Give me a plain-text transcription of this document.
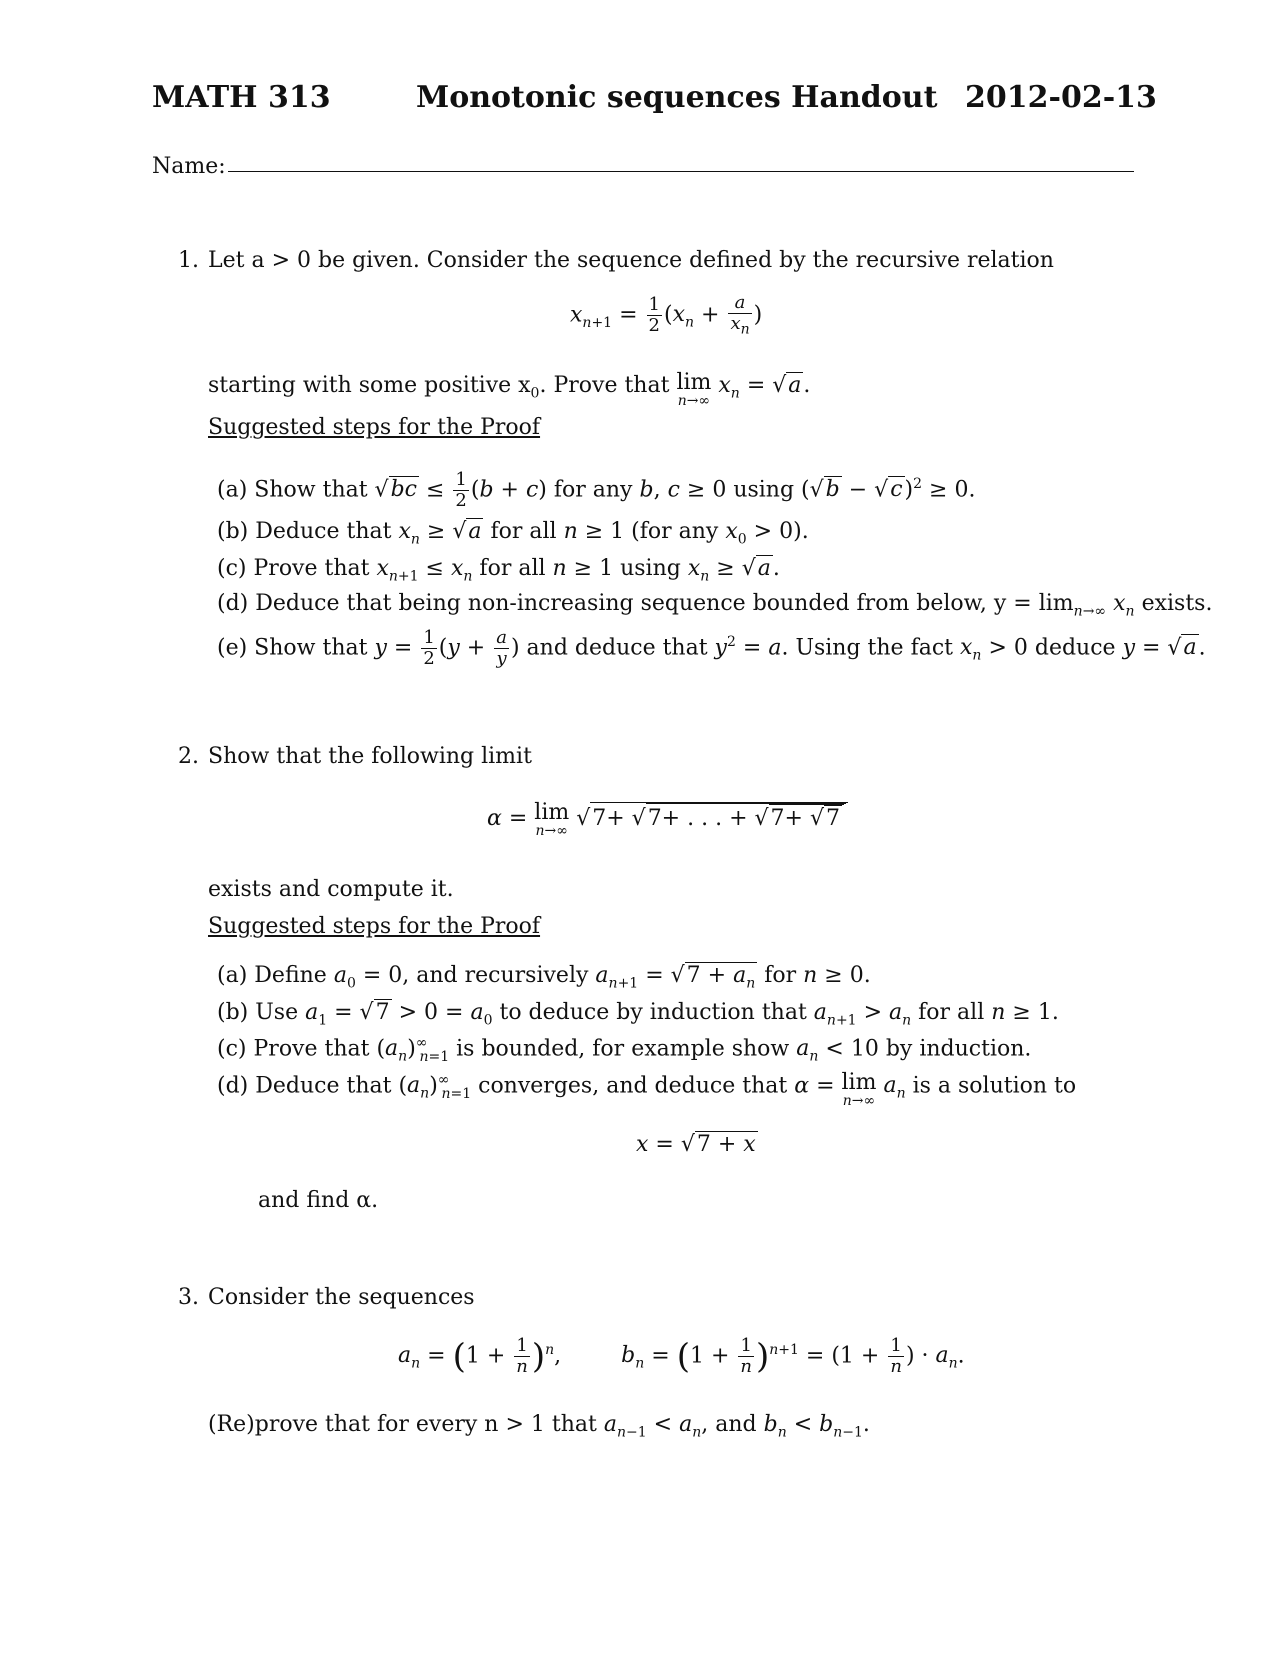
MATH 313	Monotonic sequences Handout 2012-02-13
Name:
1. Let a > 0 be given. Consider the sequence defined by the recursive relation
$x_{n+1} = \frac{1}{2} (x_n + \frac{a}{x_n}$ )
starting with some positive $x_0$. Prove that lim
n→∞
$x_n = √a$.
Suggested steps for the Proof
(a) Show that $√bc \le \frac{1}{2} (b + c)$ for any b, c ≥ 0 using $(√b - √c)^2 \ge 0$.
(b) Deduce that $x_n \ge √a$ for all n ≥ 1 (for any $x_0 > 0$).
(c) Prove that $x_{n+1} \le x_n$ for all n ≥ 1 using $x_n \ge √a$.
(d) Deduce that being non-increasing sequence bounded from below, $y = \lim_{n\to\infty} x_n$ exists.
(e) Show that $y = \frac{1}{2} (y + \frac{a}{y}$ ) and deduce that $y^2 = a$. Using the fact $x_n > 0$ deduce y = √a.
2. Show that the following limit
α = lim
n→∞ √7+ √7+ . . . + √7+ √7
exists and compute it.
Suggested steps for the Proof
(a) Define $a_0 = 0$, and recursively $a_{n+1} = √7 + a_n$ for n ≥ 0.
(b) Use $a_1 = √7 > 0 = a_0$ to deduce by induction that $a_{n+1} > a_n$ for all n ≥ 1.
(c) Prove that $(a_n)^\infty_{n=1}$ is bounded, for example show $a_n < 10$ by induction.
(d) Deduce that $(a_n)^\infty_{n=1}$ converges, and deduce that α = lim
n→∞
$a_n$ is a solution to
x = √7 + x
and find α.
3. Consider the sequences
$a_n = (1 + \frac{1}{n} )^n$,  $b_n = (1 + \frac{1}{n} )^{n+1} = (1 + \frac{1}{n}$ ) · $a_n$.
(Re)prove that for every n > 1 that $a_{n-1} < a_n$, and $b_n < b_{n-1}$.
